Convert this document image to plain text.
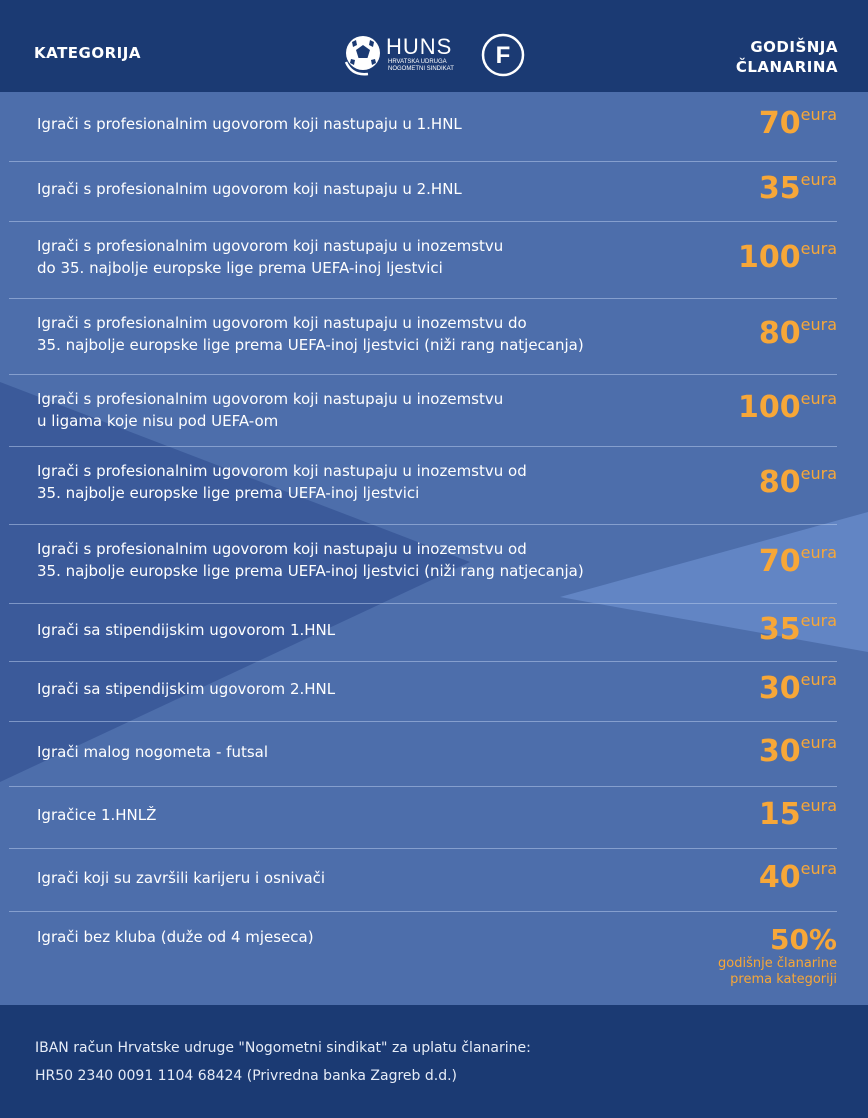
KATEGORIJA	HUNS
HRVATSKA UDRUGA
NOGOMETNI SINDIKAT	F	GODIŠNJA
ČLANARINA
Igrači s profesionalnim ugovorom koji nastupaju u 1.HNL	70eura
Igrači s profesionalnim ugovorom koji nastupaju u 2.HNL	35eura
Igrači s profesionalnim ugovorom koji nastupaju u inozemstvu
do 35. najbolje europske lige prema UEFA-inoj ljestvici	100eura
Igrači s profesionalnim ugovorom koji nastupaju u inozemstvu do
35. najbolje europske lige prema UEFA-inoj ljestvici (niži rang natjecanja)	80eura
Igrači s profesionalnim ugovorom koji nastupaju u inozemstvu
u ligama koje nisu pod UEFA-om	100eura
Igrači s profesionalnim ugovorom koji nastupaju u inozemstvu od
35. najbolje europske lige prema UEFA-inoj ljestvici	80eura
Igrači s profesionalnim ugovorom koji nastupaju u inozemstvu od
35. najbolje europske lige prema UEFA-inoj ljestvici (niži rang natjecanja)	70eura
Igrači sa stipendijskim ugovorom 1.HNL	35eura
Igrači sa stipendijskim ugovorom 2.HNL	30eura
Igrači malog nogometa - futsal	30eura
Igračice 1.HNLŽ	15eura
Igrači koji su završili karijeru i osnivači	40eura
Igrači bez kluba (duže od 4 mjeseca)	50%
godišnje članarine
prema kategoriji
IBAN račun Hrvatske udruge "Nogometni sindikat" za uplatu članarine:
HR50 2340 0091 1104 68424 (Privredna banka Zagreb d.d.)
